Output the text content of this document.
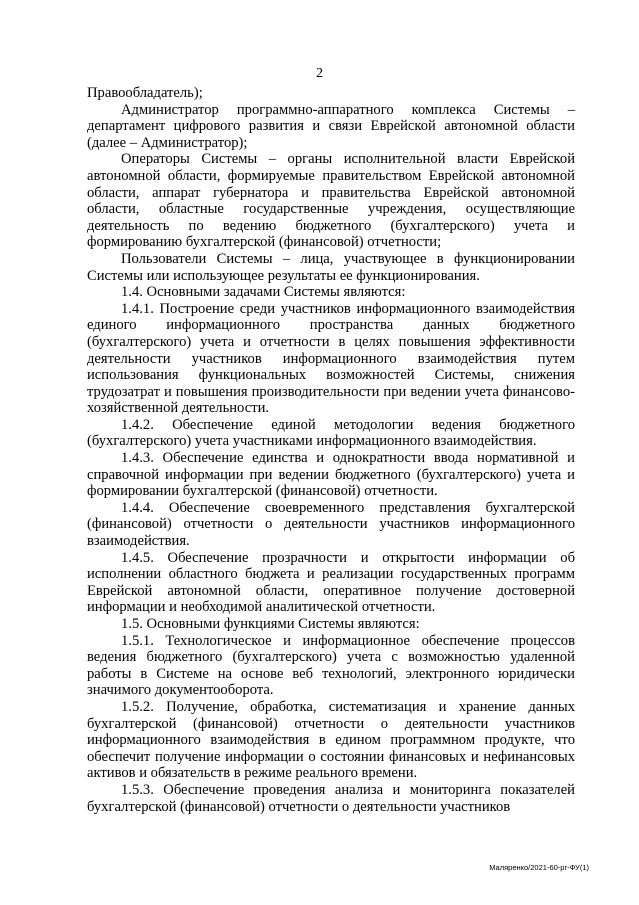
2

Правообладатель);

Администратор программно-аппаратного комплекса Системы – департамент цифрового развития и связи Еврейской автономной области (далее – Администратор);

Операторы Системы – органы исполнительной власти Еврейской автономной области, формируемые правительством Еврейской автономной области, аппарат губернатора и правительства Еврейской автономной области, областные государственные учреждения, осуществляющие деятельность по ведению бюджетного (бухгалтерского) учета и формированию бухгалтерской (финансовой) отчетности;

Пользователи Системы – лица, участвующее в функционировании Системы или использующее результаты ее функционирования.

1.4. Основными задачами Системы являются:

1.4.1. Построение среди участников информационного взаимодействия единого информационного пространства данных бюджетного (бухгалтерского) учета и отчетности в целях повышения эффективности деятельности участников информационного взаимодействия путем использования функциональных возможностей Системы, снижения трудозатрат и повышения производительности при ведении учета финансово-хозяйственной деятельности.

1.4.2. Обеспечение единой методологии ведения бюджетного (бухгалтерского) учета участниками информационного взаимодействия.

1.4.3. Обеспечение единства и однократности ввода нормативной и справочной информации при ведении бюджетного (бухгалтерского) учета и формировании бухгалтерской (финансовой) отчетности.

1.4.4. Обеспечение своевременного представления бухгалтерской (финансовой) отчетности о деятельности участников информационного взаимодействия.

1.4.5. Обеспечение прозрачности и открытости информации об исполнении областного бюджета и реализации государственных программ Еврейской автономной области, оперативное получение достоверной информации и необходимой аналитической отчетности.

1.5. Основными функциями Системы являются:

1.5.1. Технологическое и информационное обеспечение процессов ведения бюджетного (бухгалтерского) учета с возможностью удаленной работы в Системе на основе веб технологий, электронного юридически значимого документооборота.

1.5.2. Получение, обработка, систематизация и хранение данных бухгалтерской (финансовой) отчетности о деятельности участников информационного взаимодействия в едином программном продукте, что обеспечит получение информации о состоянии финансовых и нефинансовых активов и обязательств в режиме реального времени.

1.5.3. Обеспечение проведения анализа и мониторинга показателей бухгалтерской (финансовой) отчетности о деятельности участников

Маляренко/2021-60-рг-ФУ(1)
